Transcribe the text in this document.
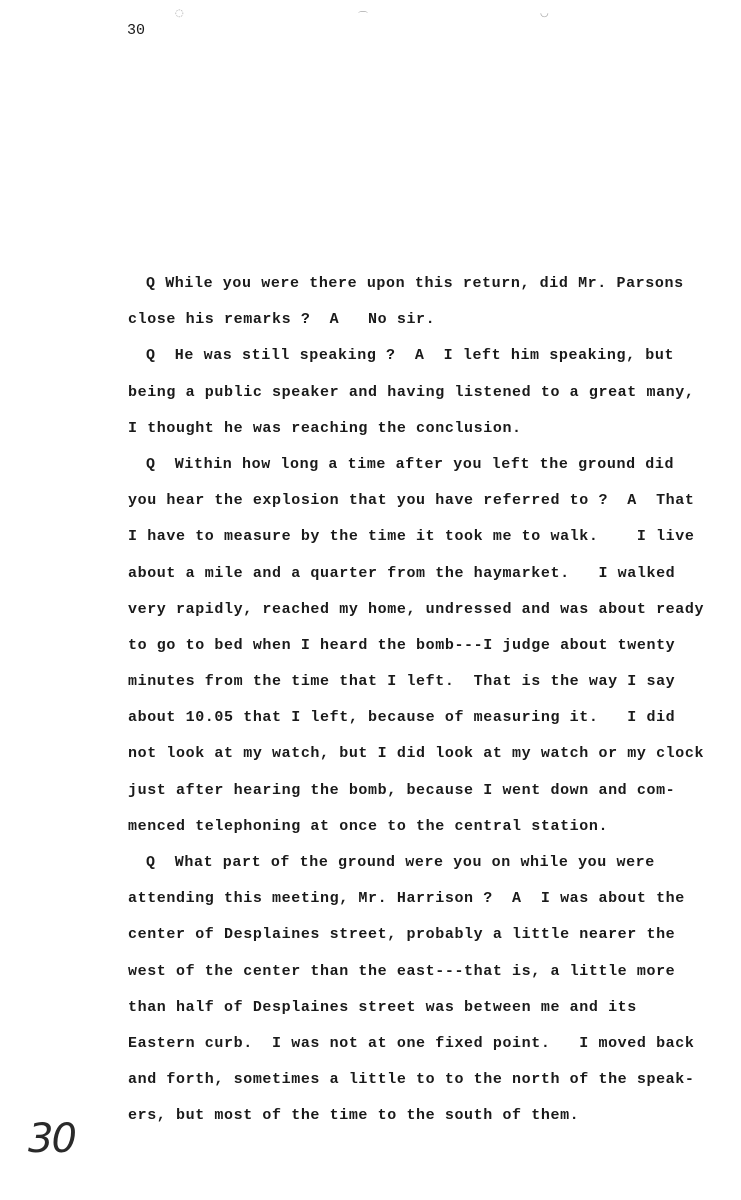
30
◌	⌒	◡
Q While you were there upon this return, did Mr. Parsons
close his remarks ?  A   No sir.
Q  He was still speaking ?  A  I left him speaking, but
being a public speaker and having listened to a great many,
I thought he was reaching the conclusion.
Q  Within how long a time after you left the ground did
you hear the explosion that you have referred to ?  A  That
I have to measure by the time it took me to walk.    I live
about a mile and a quarter from the haymarket.   I walked
very rapidly, reached my home, undressed and was about ready
to go to bed when I heard the bomb---I judge about twenty
minutes from the time that I left.  That is the way I say
about 10.05 that I left, because of measuring it.   I did
not look at my watch, but I did look at my watch or my clock
just after hearing the bomb, because I went down and com-
menced telephoning at once to the central station.
Q  What part of the ground were you on while you were
attending this meeting, Mr. Harrison ?  A  I was about the
center of Desplaines street, probably a little nearer the
west of the center than the east---that is, a little more
than half of Desplaines street was between me and its
Eastern curb.  I was not at one fixed point.   I moved back
and forth, sometimes a little to to the north of the speak-
ers, but most of the time to the south of them.
30
